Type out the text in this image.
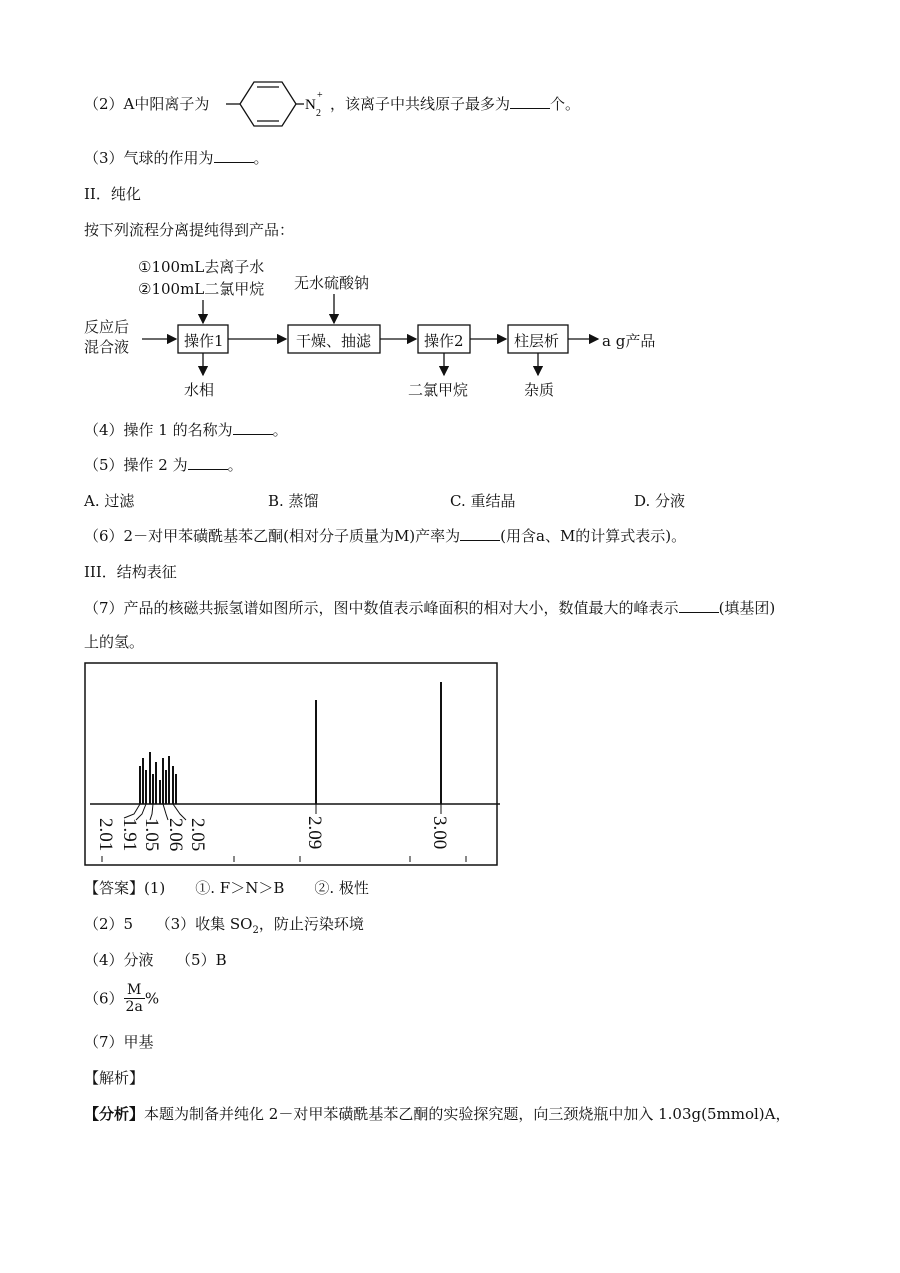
（2）A中阳离子为	N
2
+ ，该离子中共线原子最多为	个。
（3）气球的作用为	。
II．纯化
按下列流程分离提纯得到产品：
①100mL去离子水
②100mL二氯甲烷 无水硫酸钠
反应后
混合液	操作1	干燥、抽滤	操作2	柱层析	a g产品
水相	二氯甲烷	杂质
（4）操作 1 的名称为	。
（5）操作 2 为	。
A. 过滤	B. 蒸馏	C. 重结晶	D. 分液
（6）2－对甲苯磺酰基苯乙酮(相对分子质量为M)产率为	(用含a、M的计算式表示)。
III．结构表征
（7）产品的核磁共振氢谱如图所示，图中数值表示峰面积的相对大小，数值最大的峰表示	(填基团)
上的氢。
2.01 1.91 1.05 2.06 2.05	2.09	3.00
【答案】(1)　　①. F＞N＞B　　②. 极性
（2）5　　（3）收集 $SO_2$，防止污染环境
（4）分液　　（5）B
$(6) \frac{M}{2a}$ %
（7）甲基
【解析】
【分析】本题为制备并纯化 2－对甲苯磺酰基苯乙酮的实验探究题，向三颈烧瓶中加入 1.03g(5mmol)A，
